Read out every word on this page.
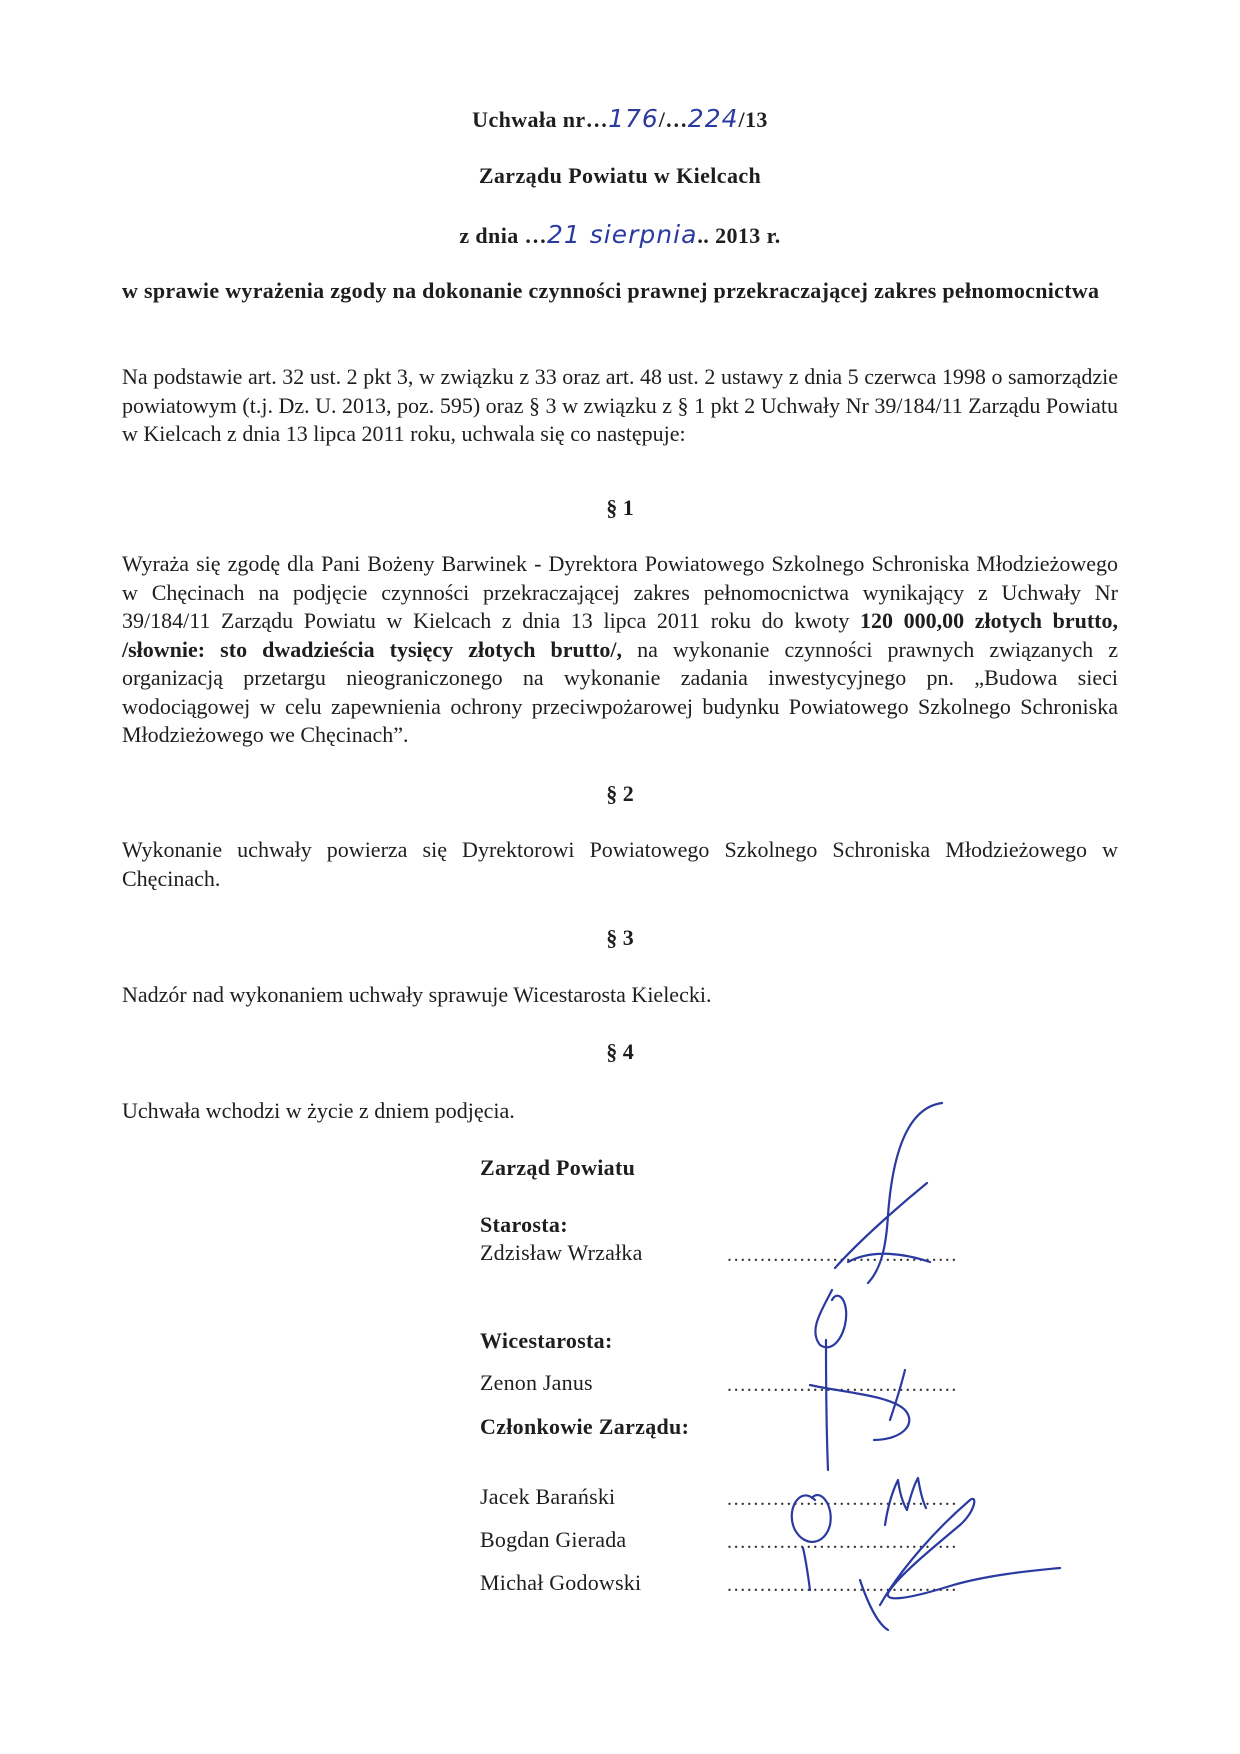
Uchwała nr…176/…224/13
Zarządu Powiatu w Kielcach
z dnia …21 sierpnia.. 2013 r.
w sprawie wyrażenia zgody na dokonanie czynności prawnej przekraczającej zakres pełnomocnictwa
Na podstawie art. 32 ust. 2 pkt 3, w związku z 33 oraz art. 48 ust. 2 ustawy z dnia 5 czerwca 1998 o samorządzie powiatowym (t.j. Dz. U. 2013, poz. 595) oraz § 3 w związku z § 1 pkt 2 Uchwały Nr 39/184/11 Zarządu Powiatu w Kielcach z dnia 13 lipca 2011 roku, uchwala się co następuje:
§ 1
Wyraża się zgodę dla Pani Bożeny Barwinek - Dyrektora Powiatowego Szkolnego Schroniska Młodzieżowego w Chęcinach na podjęcie czynności przekraczającej zakres pełnomocnictwa wynikający z Uchwały Nr 39/184/11 Zarządu Powiatu w Kielcach z dnia 13 lipca 2011 roku do kwoty 120 000,00 złotych brutto, /słownie: sto dwadzieścia tysięcy złotych brutto/, na wykonanie czynności prawnych związanych z organizacją przetargu nieograniczonego na wykonanie zadania inwestycyjnego pn. „Budowa sieci wodociągowej w celu zapewnienia ochrony przeciwpożarowej budynku Powiatowego Szkolnego Schroniska Młodzieżowego we Chęcinach”.
§ 2
Wykonanie uchwały powierza się Dyrektorowi Powiatowego Szkolnego Schroniska Młodzieżowego w Chęcinach.
§ 3
Nadzór nad wykonaniem uchwały sprawuje Wicestarosta Kielecki.
§ 4
Uchwała wchodzi w życie z dniem podjęcia.
Zarząd Powiatu
Starosta:
Zdzisław Wrzałka	...................................
Wicestarosta:
Zenon Janus	...................................
Członkowie Zarządu:
Jacek Barański	...................................
Bogdan Gierada	...................................
Michał Godowski	...................................
